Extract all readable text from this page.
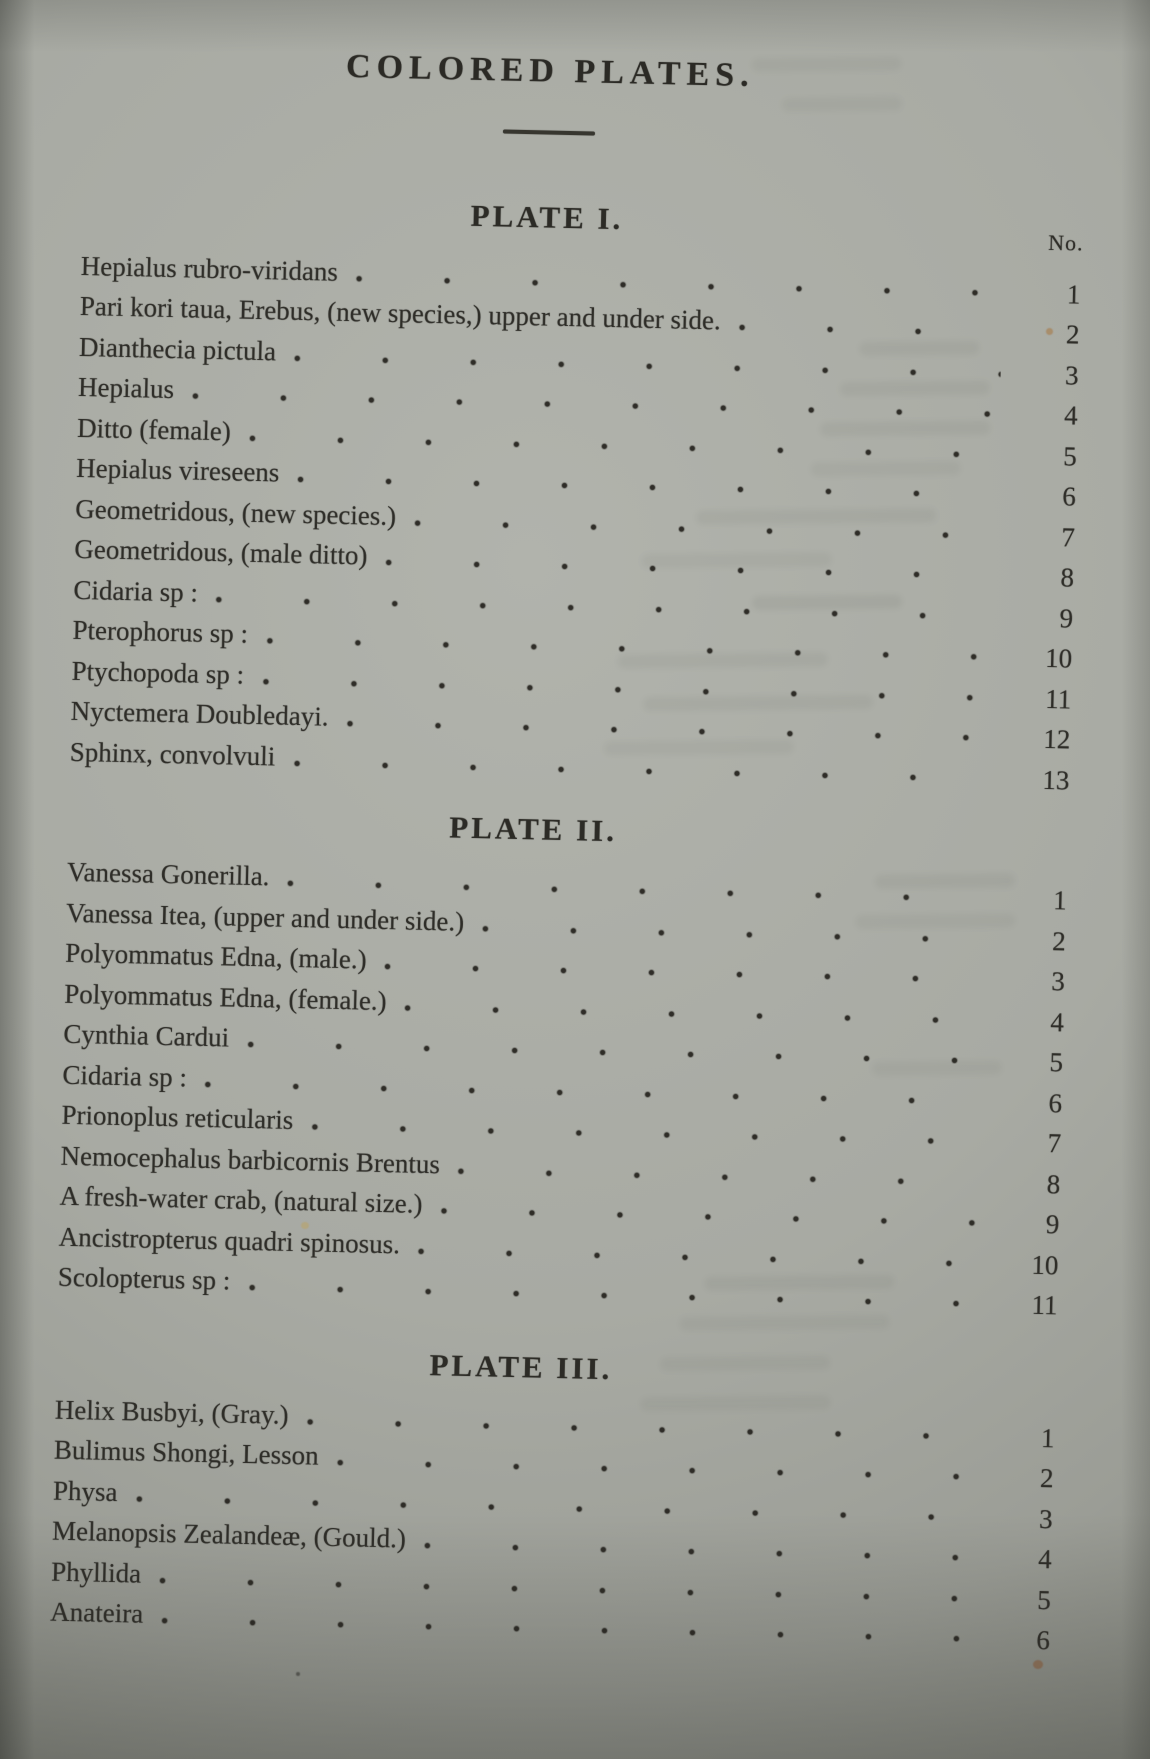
COLORED PLATES.
PLATE I.
Hepialus rubro-viridans
1
Pari kori taua, Erebus, (new species,) upper and under side.	2
Dianthecia pictula
3
Hepialus
4
Ditto (female)
5
Hepialus vireseens
6
Geometridous, (new species.)
7
Geometridous, (male ditto)
8
Cidaria sp :
9
Pterophorus sp :
10
Ptychopoda sp :
11
Nyctemera Doubledayi.
12
Sphinx, convolvuli
13
No.
PLATE II.
Vanessa Gonerilla.
1
Vanessa Itea, (upper and under side.)
2
Polyommatus Edna, (male.)
3
Polyommatus Edna, (female.)
4
Cynthia Cardui
5
Cidaria sp :
6
Prionoplus reticularis
7
Nemocephalus barbicornis Brentus
8
A fresh-water crab, (natural size.)
9
Ancistropterus quadri spinosus.
10
Scolopterus sp :
11
PLATE III.
Helix Busbyi, (Gray.)
1
Bulimus Shongi, Lesson
2
Physa
3
Melanopsis Zealandeæ, (Gould.)
4
Phyllida
5
Anateira
6
